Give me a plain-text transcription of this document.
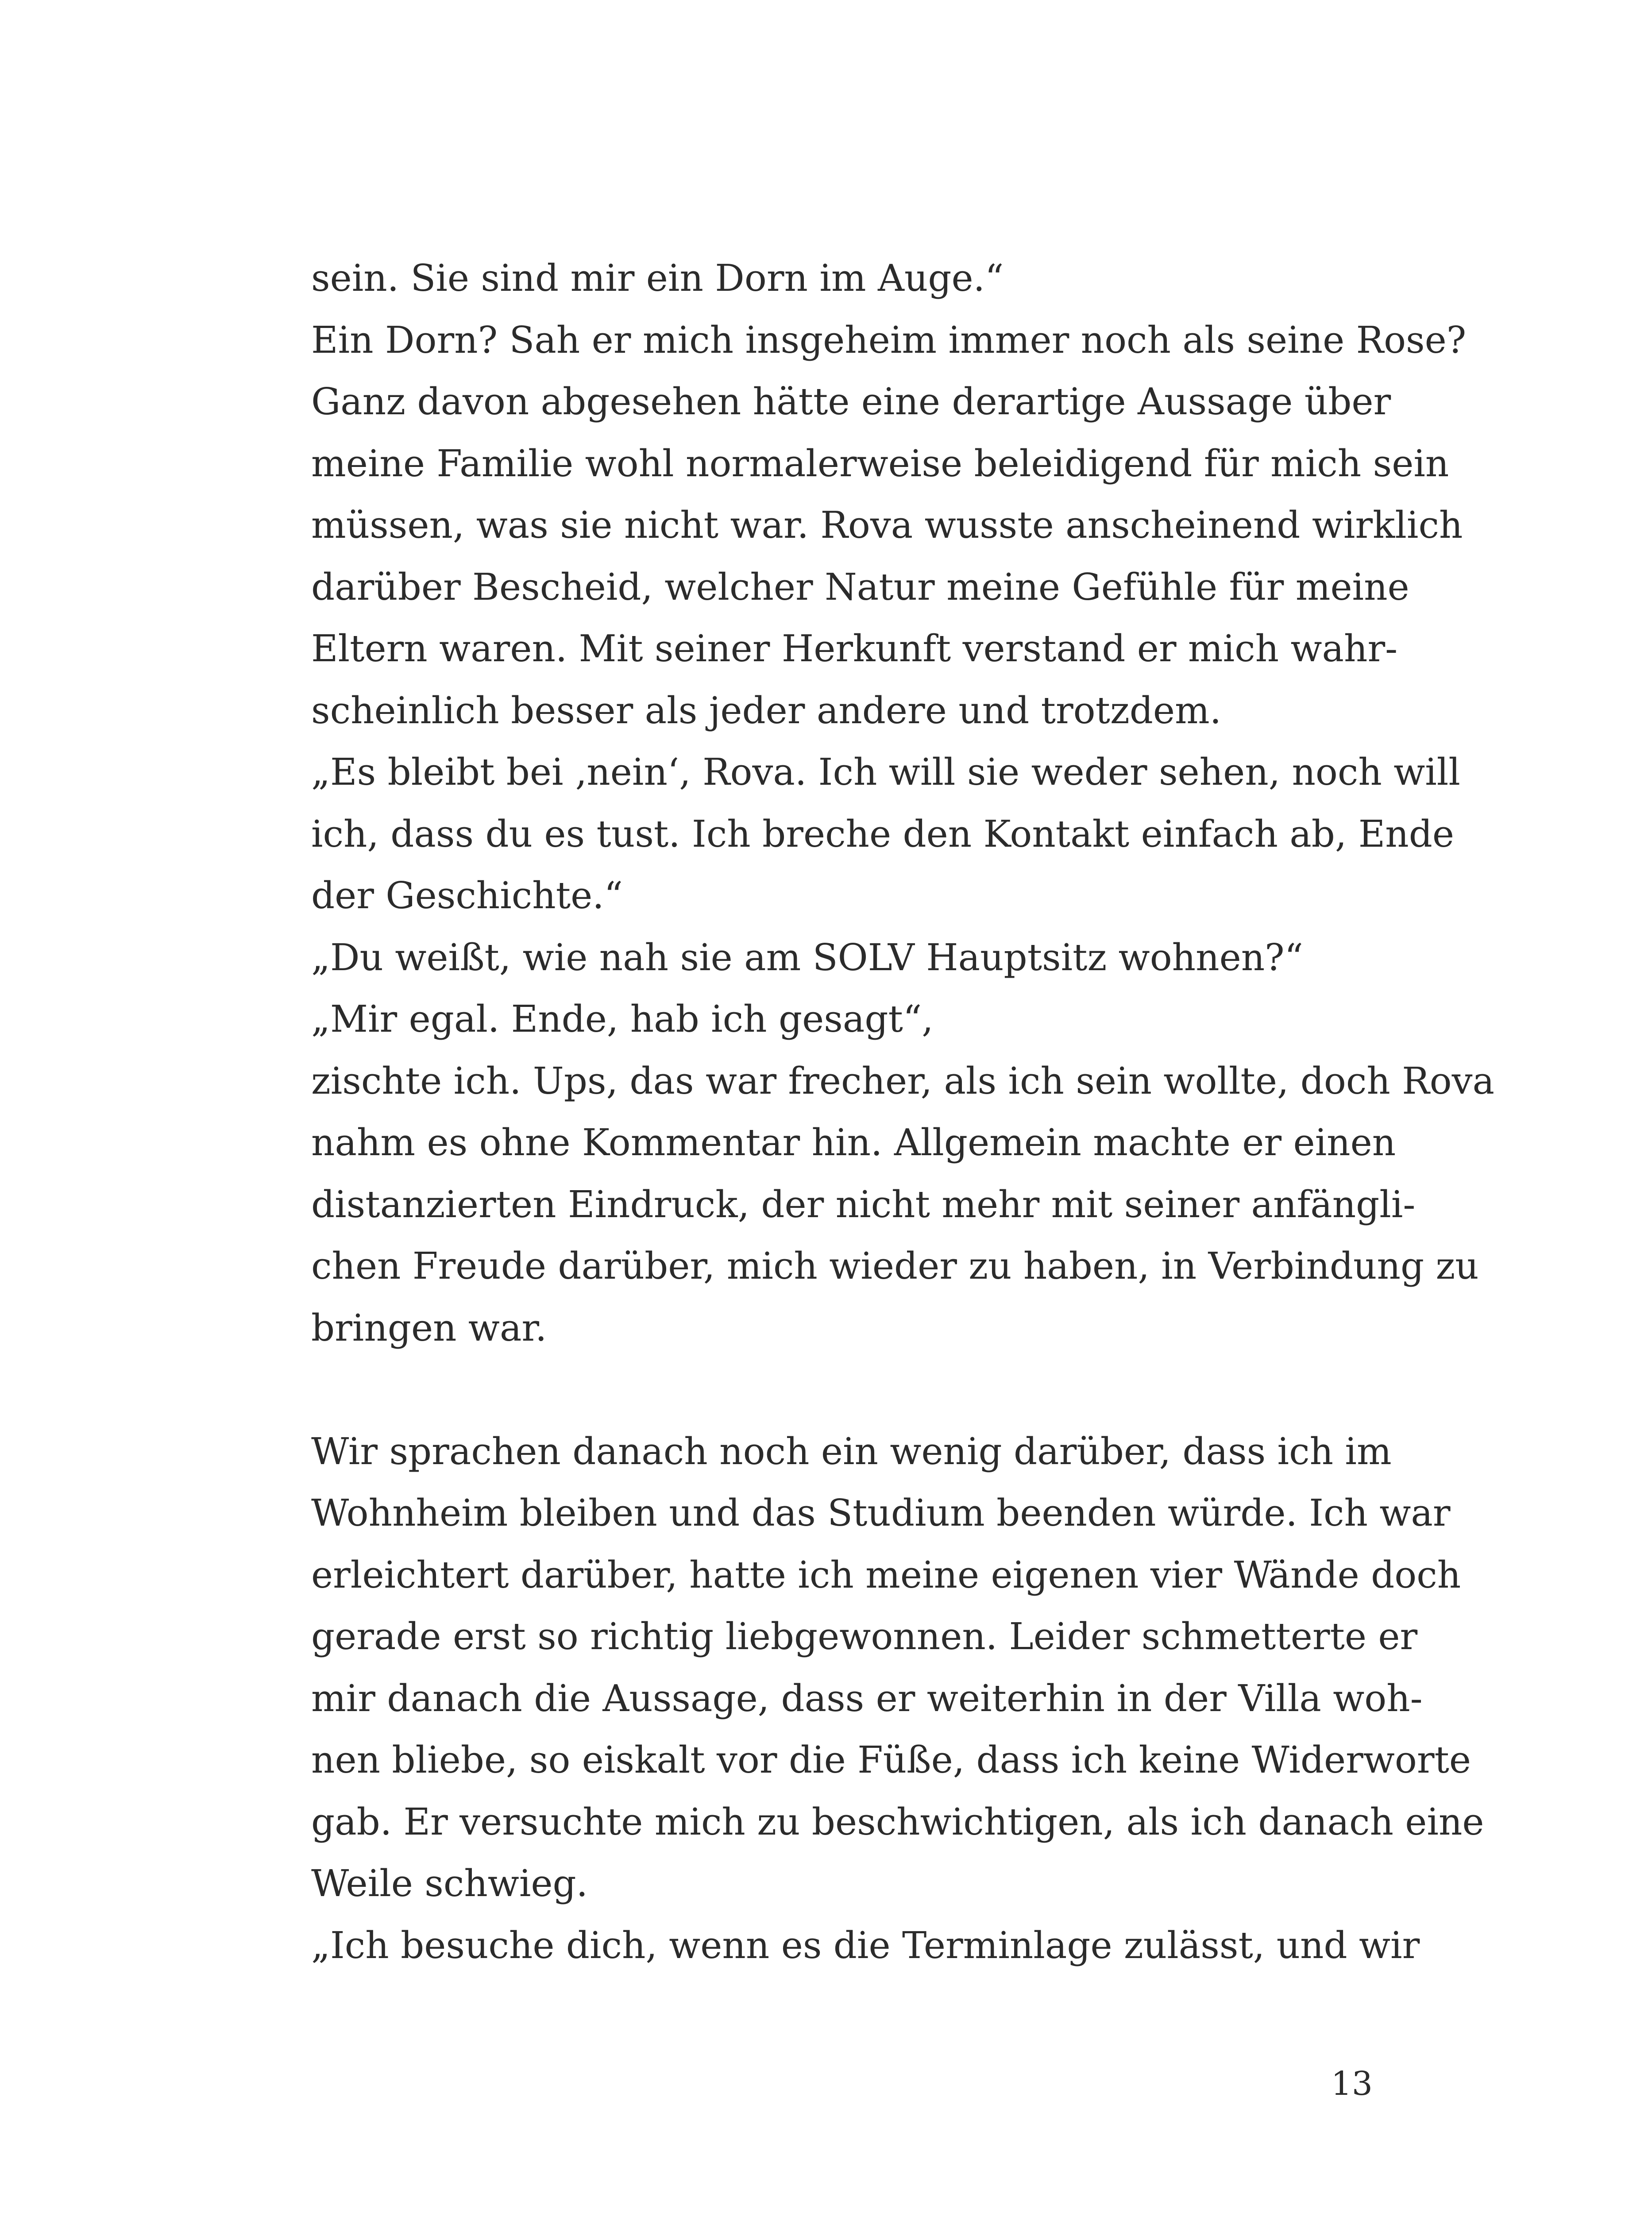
sein. Sie sind mir ein Dorn im Auge.“

Ein Dorn? Sah er mich insgeheim immer noch als seine Rose?

Ganz davon abgesehen hätte eine derartige Aussage über

meine Familie wohl normalerweise beleidigend für mich sein

müssen, was sie nicht war. Rova wusste anscheinend wirklich

darüber Bescheid, welcher Natur meine Gefühle für meine

Eltern waren. Mit seiner Herkunft verstand er mich wahr-

scheinlich besser als jeder andere und trotzdem.

„Es bleibt bei ‚nein‘, Rova. Ich will sie weder sehen, noch will

ich, dass du es tust. Ich breche den Kontakt einfach ab, Ende

der Geschichte.“

„Du weißt, wie nah sie am SOLV Hauptsitz wohnen?“

„Mir egal. Ende, hab ich gesagt“,

zischte ich. Ups, das war frecher, als ich sein wollte, doch Rova

nahm es ohne Kommentar hin. Allgemein machte er einen

distanzierten Eindruck, der nicht mehr mit seiner anfängli-

chen Freude darüber, mich wieder zu haben, in Verbindung zu

bringen war.

Wir sprachen danach noch ein wenig darüber, dass ich im

Wohnheim bleiben und das Studium beenden würde. Ich war

erleichtert darüber, hatte ich meine eigenen vier Wände doch

gerade erst so richtig liebgewonnen. Leider schmetterte er

mir danach die Aussage, dass er weiterhin in der Villa woh-

nen bliebe, so eiskalt vor die Füße, dass ich keine Widerworte

gab. Er versuchte mich zu beschwichtigen, als ich danach eine

Weile schwieg.

„Ich besuche dich, wenn es die Terminlage zulässt, und wir

13
